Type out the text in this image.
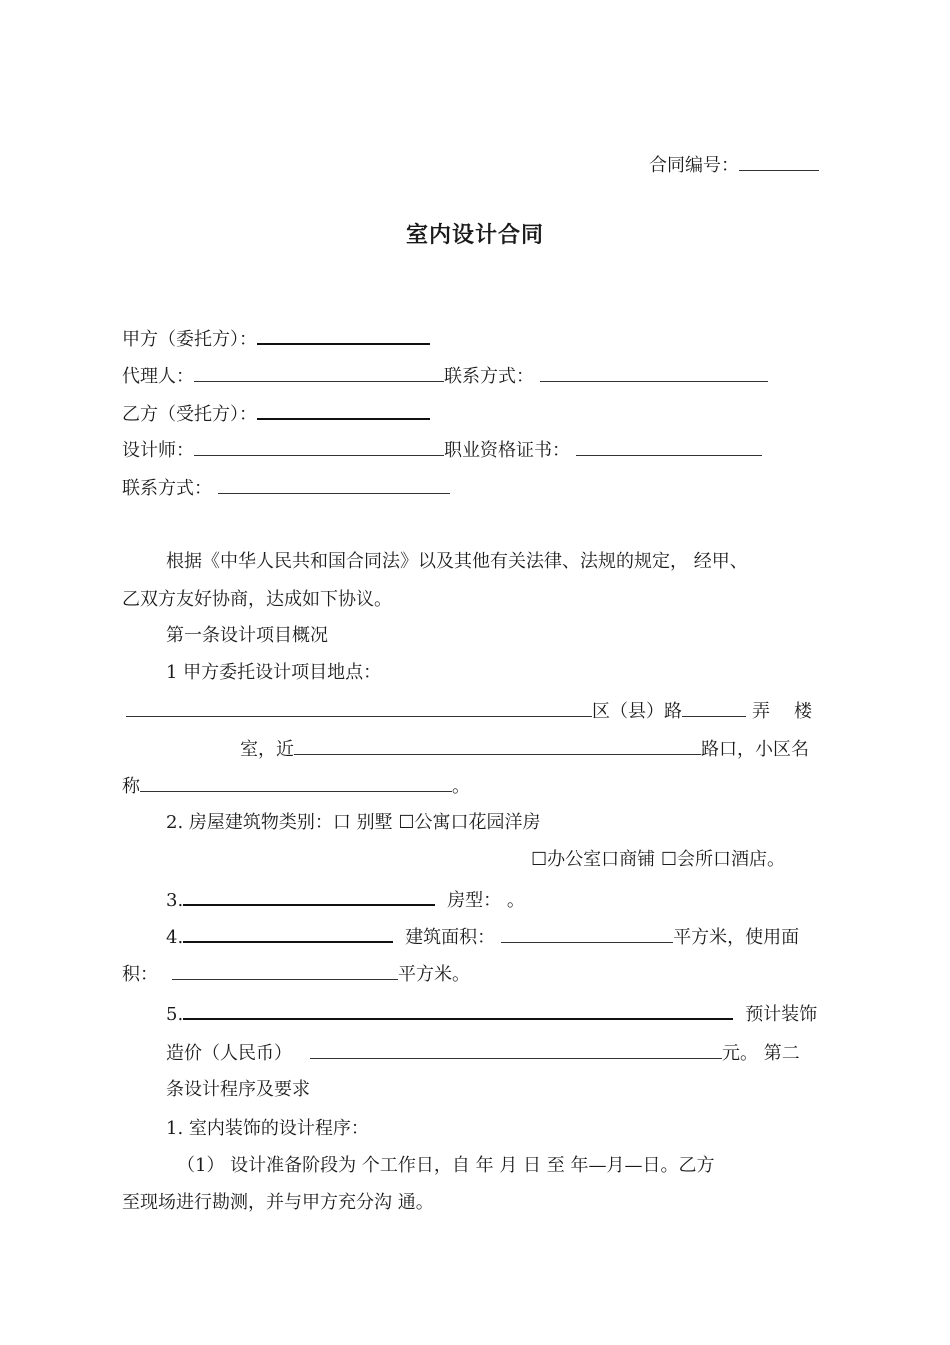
合同编号：
室内设计合同
甲方（委托方）：
代理人：	联系方式：
乙方（受托方）：
设计师：	职业资格证书：
联系方式：
根据《中华人民共和国合同法》以及其他有关法律、法规的规定， 经甲、
乙双方友好协商，达成如下协议。
第一条设计项目概况
1 甲方委托设计项目地点：
区（县）路	弄 楼
室，近	路口，小区名
称	。
2. 房屋建筑物类别：口 别墅 ☐公寓口花园洋房
☐办公室口商铺 ☐会所口酒店。
3.	房型： 。
4.	建筑面积：	平方米，使用面
积：	平方米。
5.	预计装饰
造价（人民币）	元。 第二
条设计程序及要求
1. 室内装饰的设计程序：
（1） 设计准备阶段为 个工作日，自 年 月 日 至 年—月—日。乙方
至现场进行勘测，并与甲方充分沟 通。
